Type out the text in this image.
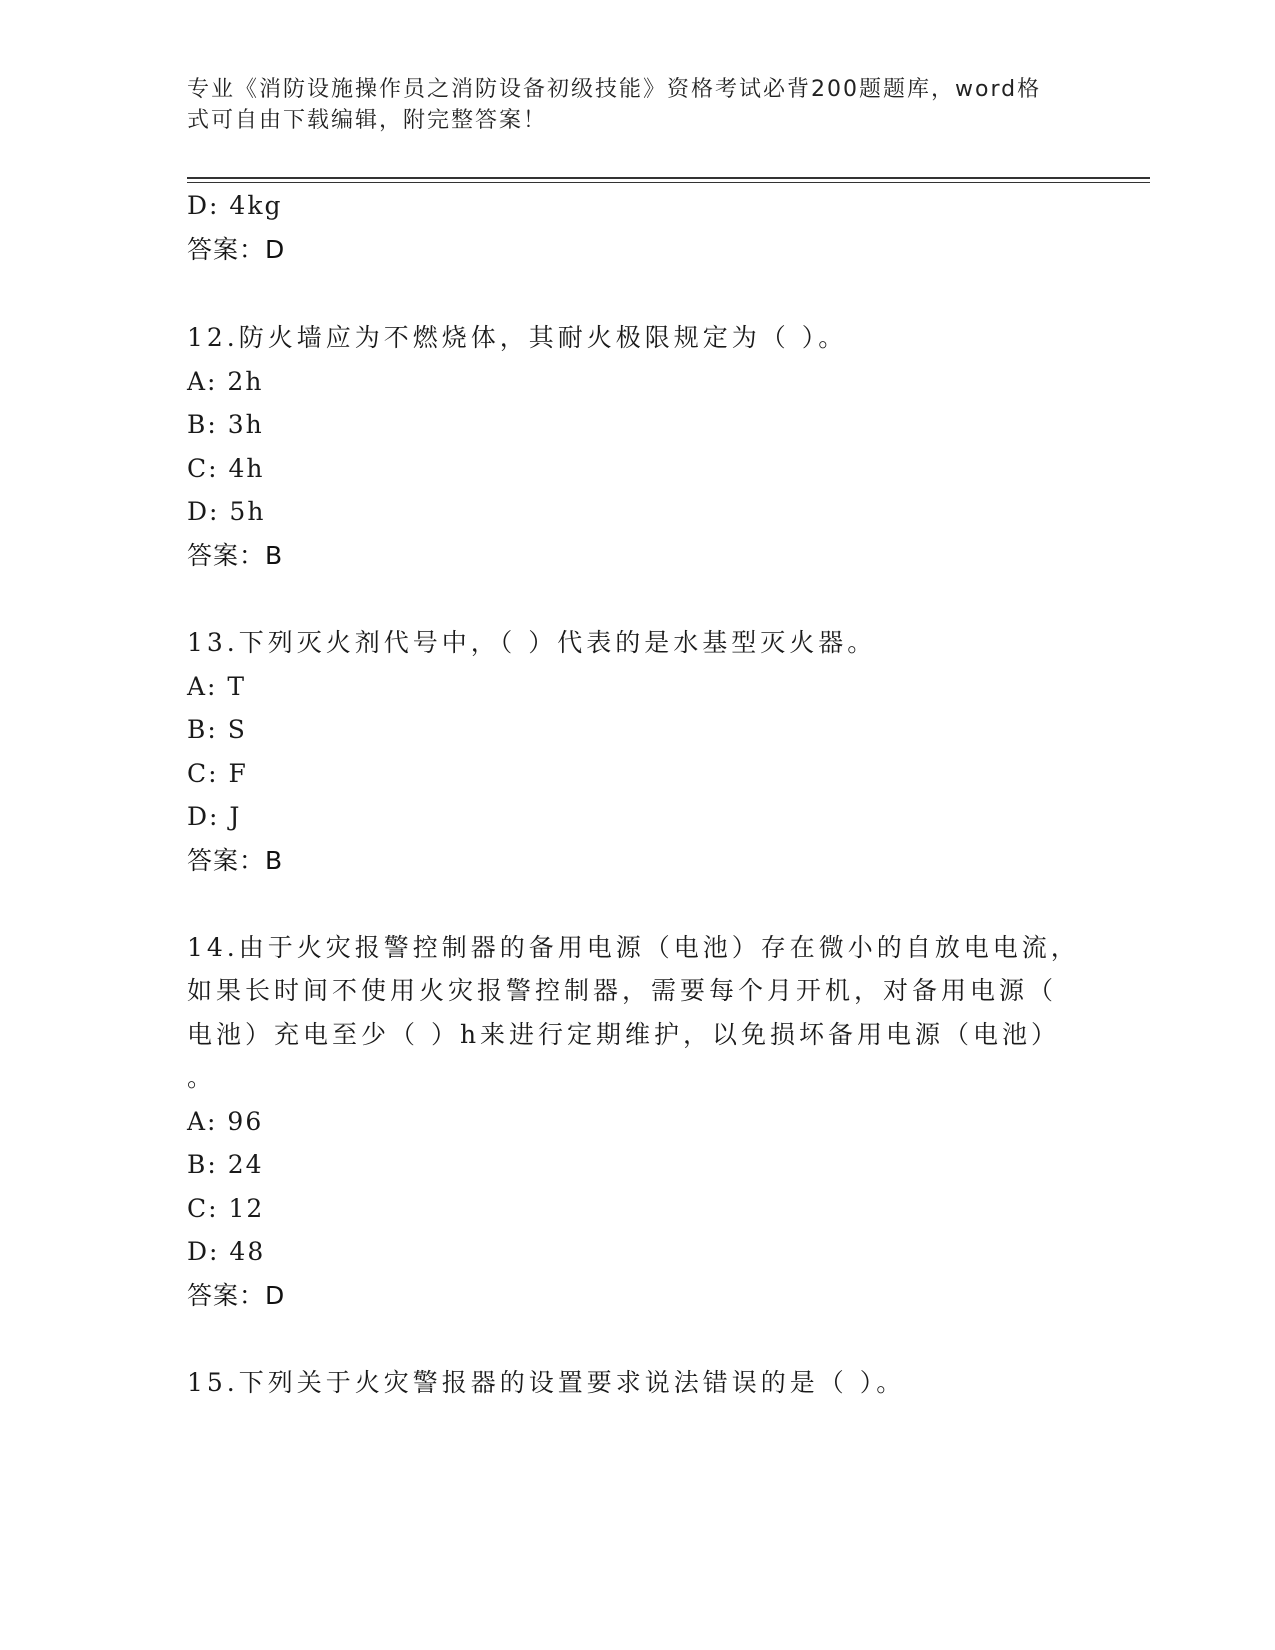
专业《消防设施操作员之消防设备初级技能》资格考试必背200题题库，word格
式可自由下载编辑，附完整答案！
D: 4kg
答案：D
12.防火墙应为不燃烧体，其耐火极限规定为（ ）。
A: 2h
B: 3h
C: 4h
D: 5h
答案：B
13.下列灭火剂代号中，（ ）代表的是水基型灭火器。
A: T
B: S
C: F
D: J
答案：B
14.由于火灾报警控制器的备用电源（电池）存在微小的自放电电流，
如果长时间不使用火灾报警控制器，需要每个月开机，对备用电源（
电池）充电至少（ ）h来进行定期维护，以免损坏备用电源（电池）
。
A: 96
B: 24
C: 12
D: 48
答案：D
15.下列关于火灾警报器的设置要求说法错误的是（ ）。
